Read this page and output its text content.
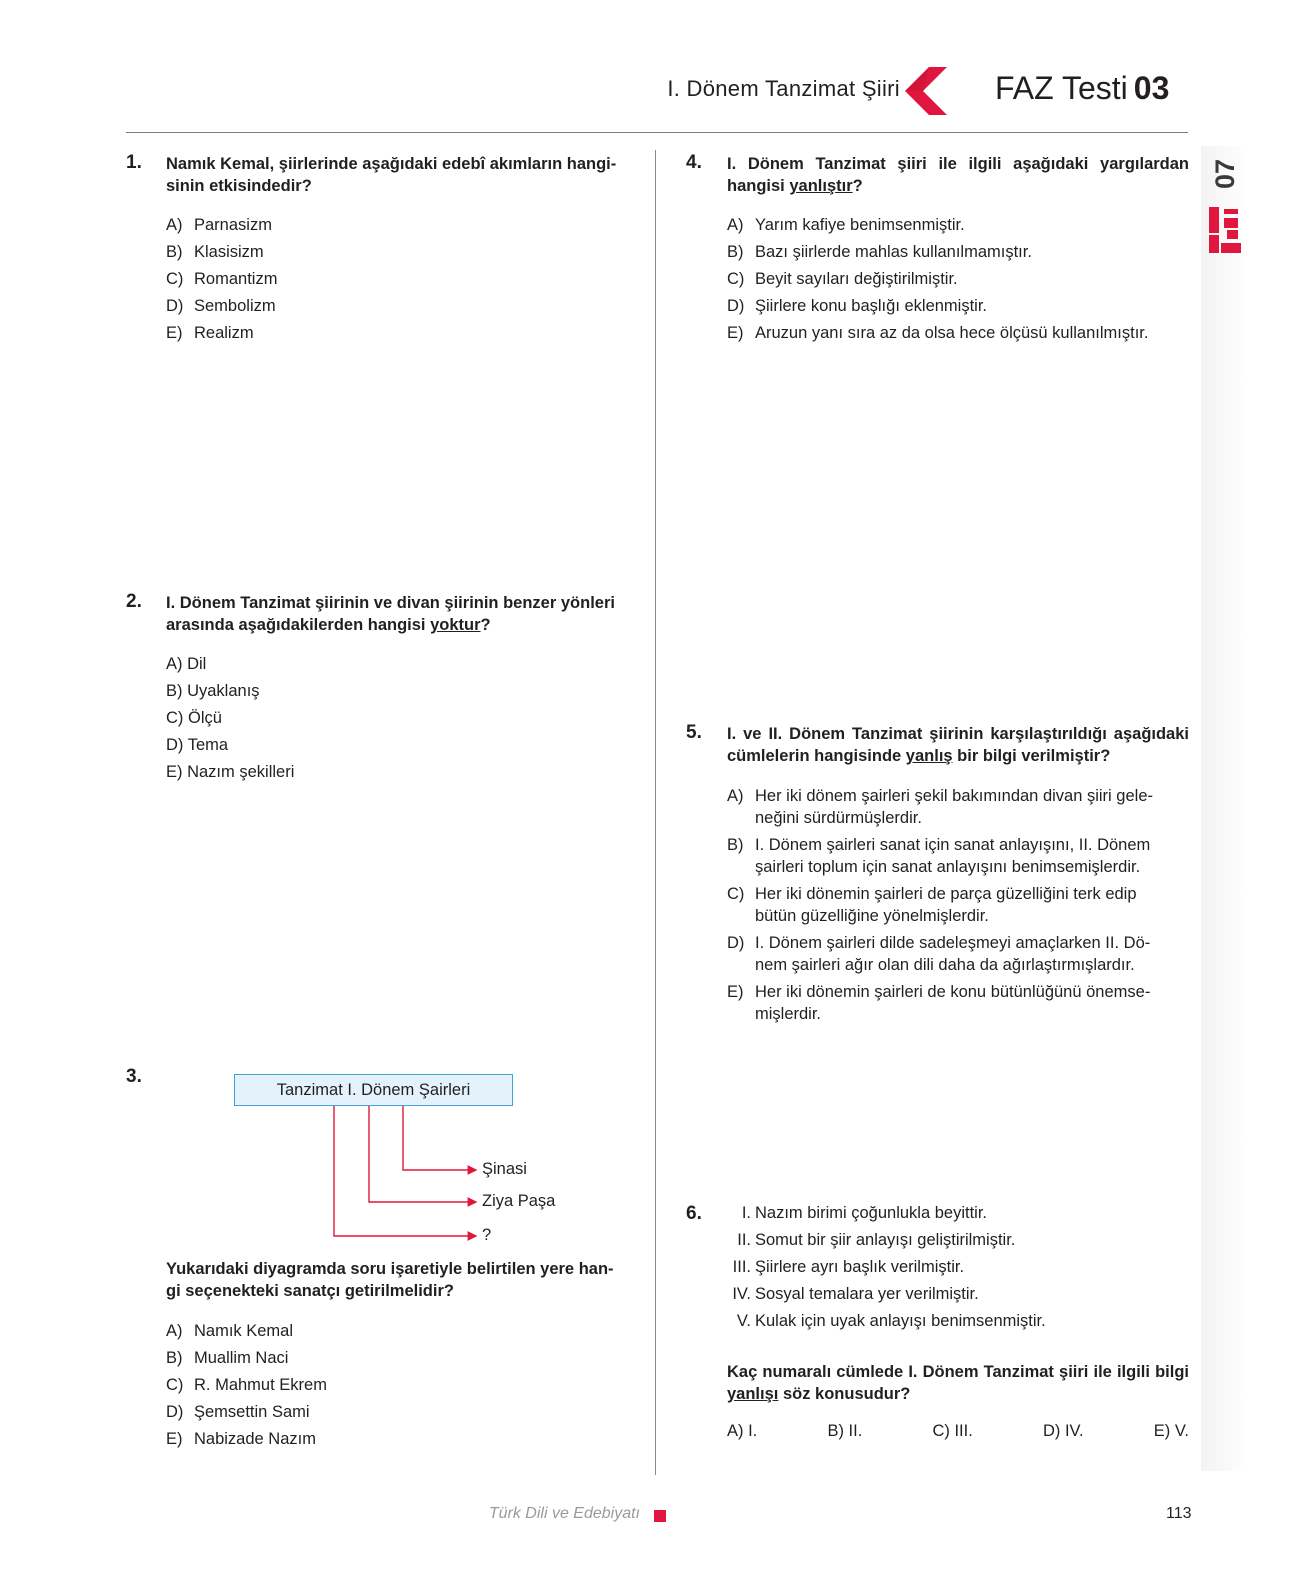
I. Dönem Tanzimat Şiiri	FAZ Testi 03
07
1. Namık Kemal, şiirlerinde aşağıdaki edebî akımların hangi-
sinin etkisindedir?
A) Parnasizm
B) Klasisizm
C) Romantizm
D) Sembolizm
E) Realizm
2. I. Dönem Tanzimat şiirinin ve divan şiirinin benzer yönleri arasında aşağıdakilerden hangisi yoktur?
A) Dil
B) Uyaklanış
C) Ölçü
D) Tema
E) Nazım şekilleri
3.
Tanzimat I. Dönem Şairleri
Şinasi
Ziya Paşa
?
Yukarıdaki diyagramda soru işaretiyle belirtilen yere han-
gi seçenekteki sanatçı getirilmelidir?
A) Namık Kemal
B) Muallim Naci
C) R. Mahmut Ekrem
D) Şemsettin Sami
E) Nabizade Nazım
4. I. Dönem Tanzimat şiiri ile ilgili aşağıdaki yargılardan hangisi yanlıştır?
A) Yarım kafiye benimsenmiştir.
B) Bazı şiirlerde mahlas kullanılmamıştır.
C) Beyit sayıları değiştirilmiştir.
D) Şiirlere konu başlığı eklenmiştir.
E) Aruzun yanı sıra az da olsa hece ölçüsü kullanılmıştır.
5. I. ve II. Dönem Tanzimat şiirinin karşılaştırıldığı aşağıdaki cümlelerin hangisinde yanlış bir bilgi verilmiştir?
A) Her iki dönem şairleri şekil bakımından divan şiiri gele-
neğini sürdürmüşlerdir.
B) I. Dönem şairleri sanat için sanat anlayışını, II. Dönem
şairleri toplum için sanat anlayışını benimsemişlerdir.
C) Her iki dönemin şairleri de parça güzelliğini terk edip
bütün güzelliğine yönelmişlerdir.
D) I. Dönem şairleri dilde sadeleşmeyi amaçlarken II. Dö-
nem şairleri ağır olan dili daha da ağırlaştırmışlardır.
E) Her iki dönemin şairleri de konu bütünlüğünü önemse-
mişlerdir.
6.	I. Nazım birimi çoğunlukla beyittir.
II. Somut bir şiir anlayışı geliştirilmiştir.
III. Şiirlere ayrı başlık verilmiştir.
IV. Sosyal temalara yer verilmiştir.
V. Kulak için uyak anlayışı benimsenmiştir.
Kaç numaralı cümlede I. Dönem Tanzimat şiiri ile ilgili bilgi yanlışı söz konusudur?
A) I.	B) II.	C) III.	D) IV.	E) V.
Türk Dili ve Edebiyatı	113
